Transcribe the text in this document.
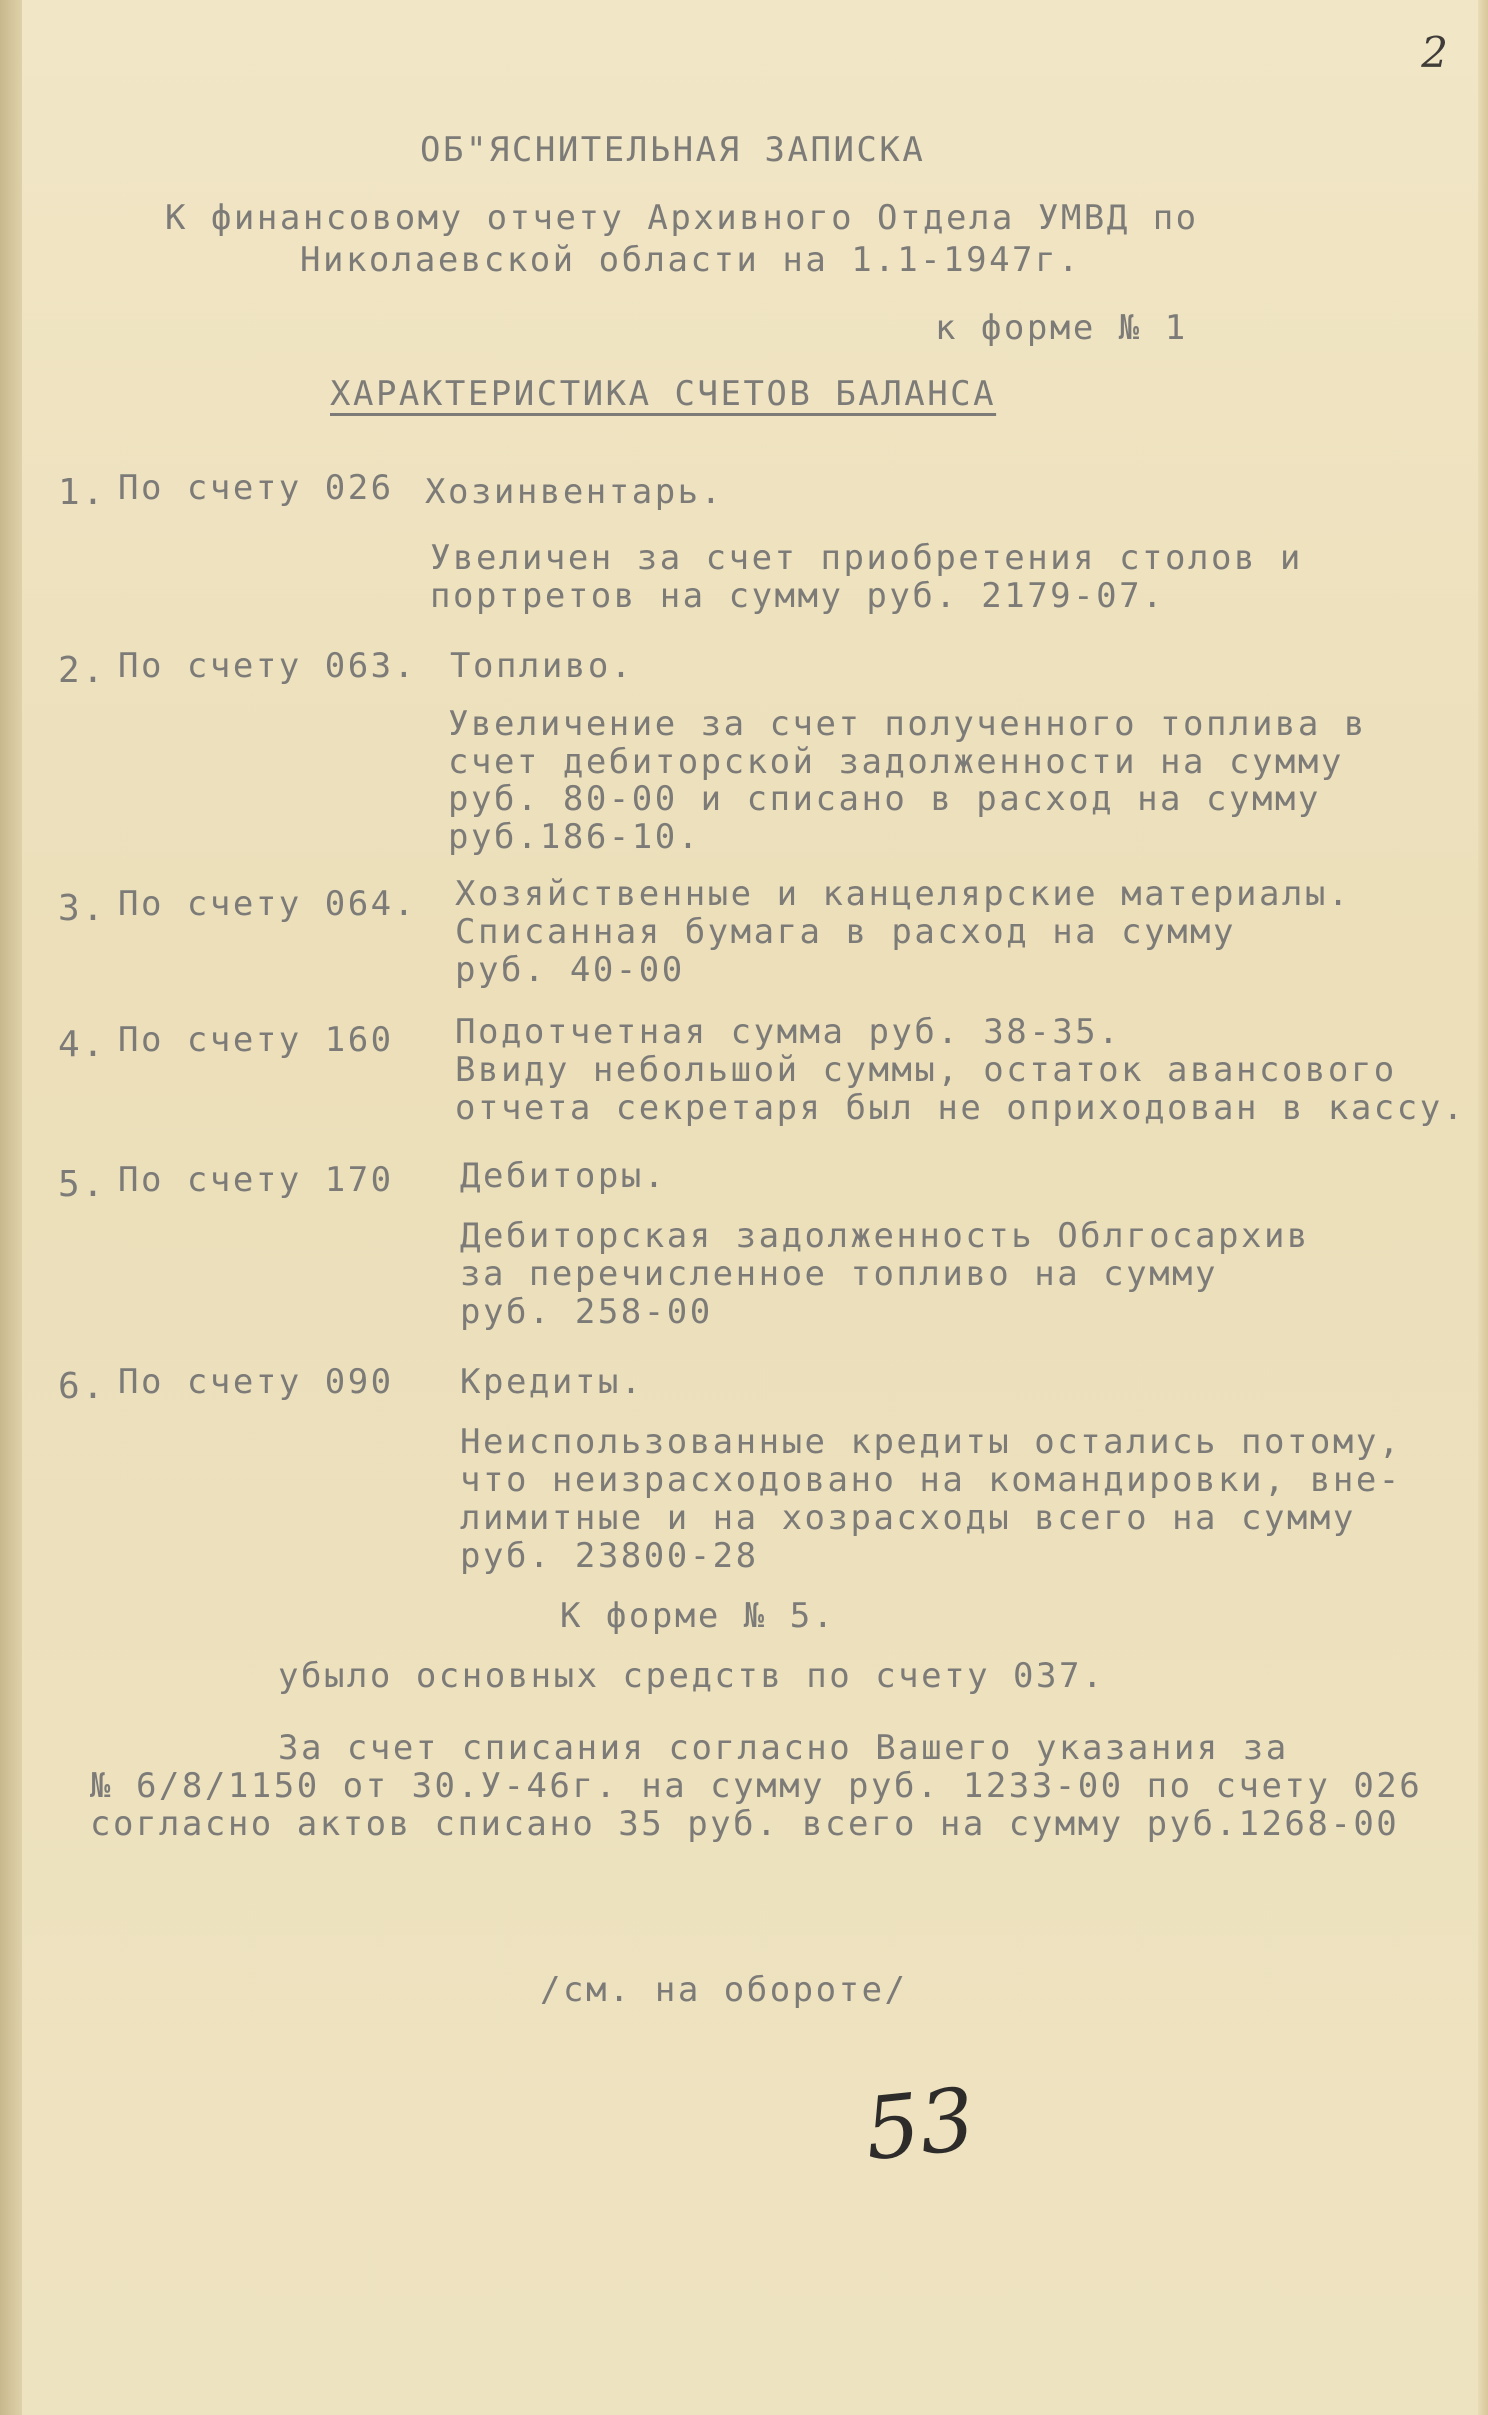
2
ОБ"ЯСНИТЕЛЬНАЯ ЗАПИСКА
К финансовому отчету Архивного Отдела УМВД по
Николаевской области на 1.1-1947г.
к форме № 1
ХАРАКТЕРИСТИКА СЧЕТОВ БАЛАНСА
1. По счету 026 Хозинвентарь.
Увеличен за счет приобретения столов и
портретов на сумму руб. 2179-07.
2. По счету 063. Топливо.
Увеличение за счет полученного топлива в
счет дебиторской задолженности на сумму
руб. 80-00 и списано в расход на сумму
руб.186-10.
3. По счету 064. Хозяйственные и канцелярские материалы.
Списанная бумага в расход на сумму
руб. 40-00
4. По счету 160 Подотчетная сумма руб. 38-35.
Ввиду небольшой суммы, остаток авансового
отчета секретаря был не оприходован в кассу.
5. По счету 170 Дебиторы.
Дебиторская задолженность Облгосархив
за перечисленное топливо на сумму
руб. 258-00
6. По счету 090 Кредиты.
Неиспользованные кредиты остались потому,
что неизрасходовано на командировки, вне-
лимитные и на хозрасходы всего на сумму
руб. 23800-28
К форме № 5.
убыло основных средств по счету 037.
За счет списания согласно Вашего указания за
№ 6/8/1150 от 30.У-46г. на сумму руб. 1233-00 по счету 026
согласно актов списано 35 руб. всего на сумму руб.1268-00
/см. на обороте/
53
